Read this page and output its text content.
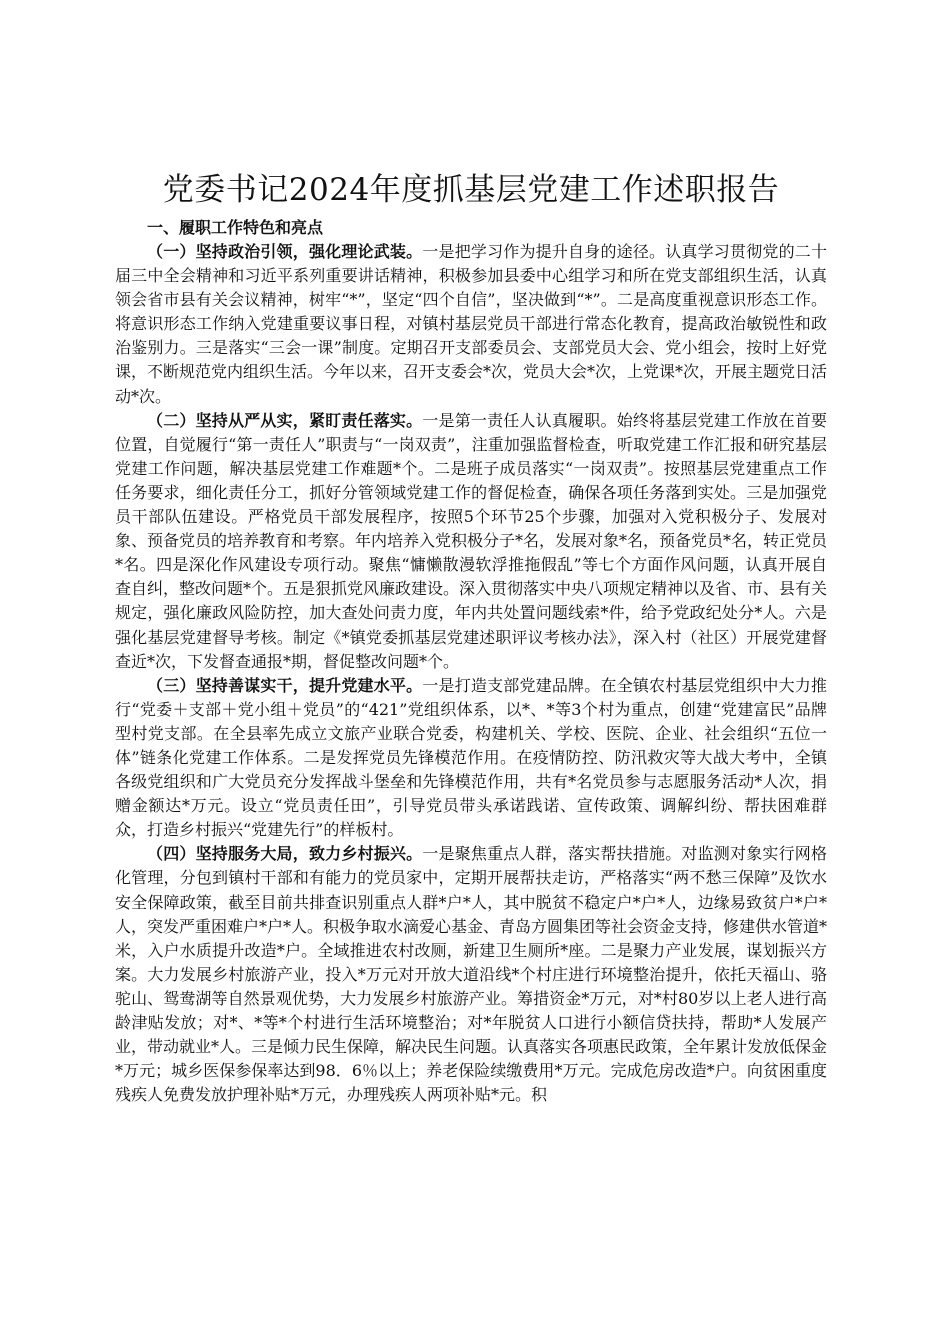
党委书记2024年度抓基层党建工作述职报告
一、履职工作特色和亮点

（一）坚持政治引领，强化理论武装。一是把学习作为提升自身的途径。认真学习贯彻党的二十届三中全会精神和习近平系列重要讲话精神，积极参加县委中心组学习和所在党支部组织生活，认真领会省市县有关会议精神，树牢“*”，坚定“四个自信”，坚决做到“*”。二是高度重视意识形态工作。将意识形态工作纳入党建重要议事日程，对镇村基层党员干部进行常态化教育，提高政治敏锐性和政治鉴别力。三是落实“三会一课”制度。定期召开支部委员会、支部党员大会、党小组会，按时上好党课，不断规范党内组织生活。今年以来，召开支委会*次，党员大会*次，上党课*次，开展主题党日活动*次。

（二）坚持从严从实，紧盯责任落实。一是第一责任人认真履职。始终将基层党建工作放在首要位置，自觉履行“第一责任人”职责与“一岗双责”，注重加强监督检查，听取党建工作汇报和研究基层党建工作问题，解决基层党建工作难题*个。二是班子成员落实“一岗双责”。按照基层党建重点工作任务要求，细化责任分工，抓好分管领域党建工作的督促检查，确保各项任务落到实处。三是加强党员干部队伍建设。严格党员干部发展程序，按照5个环节25个步骤，加强对入党积极分子、发展对象、预备党员的培养教育和考察。年内培养入党积极分子*名，发展对象*名，预备党员*名，转正党员*名。四是深化作风建设专项行动。聚焦“慵懒散漫软浮推拖假乱”等七个方面作风问题，认真开展自查自纠，整改问题*个。五是狠抓党风廉政建设。深入贯彻落实中央八项规定精神以及省、市、县有关规定，强化廉政风险防控，加大查处问责力度，年内共处置问题线索*件，给予党政纪处分*人。六是强化基层党建督导考核。制定《*镇党委抓基层党建述职评议考核办法》，深入村（社区）开展党建督查近*次，下发督查通报*期，督促整改问题*个。

（三）坚持善谋实干，提升党建水平。一是打造支部党建品牌。在全镇农村基层党组织中大力推行“党委＋支部＋党小组＋党员”的“421”党组织体系，以*、*等3个村为重点，创建“党建富民”品牌型村党支部。在全县率先成立文旅产业联合党委，构建机关、学校、医院、企业、社会组织“五位一体”链条化党建工作体系。二是发挥党员先锋模范作用。在疫情防控、防汛救灾等大战大考中，全镇各级党组织和广大党员充分发挥战斗堡垒和先锋模范作用，共有*名党员参与志愿服务活动*人次，捐赠金额达*万元。设立“党员责任田”，引导党员带头承诺践诺、宣传政策、调解纠纷、帮扶困难群众，打造乡村振兴“党建先行”的样板村。

（四）坚持服务大局，致力乡村振兴。一是聚焦重点人群，落实帮扶措施。对监测对象实行网格化管理，分包到镇村干部和有能力的党员家中，定期开展帮扶走访，严格落实“两不愁三保障”及饮水安全保障政策，截至目前共排查识别重点人群*户*人，其中脱贫不稳定户*户*人，边缘易致贫户*户*人，突发严重困难户*户*人。积极争取水滴爱心基金、青岛方圆集团等社会资金支持，修建供水管道*米，入户水质提升改造*户。全域推进农村改厕，新建卫生厕所*座。二是聚力产业发展，谋划振兴方案。大力发展乡村旅游产业，投入*万元对开放大道沿线*个村庄进行环境整治提升，依托天福山、骆驼山、鸳鸯湖等自然景观优势，大力发展乡村旅游产业。筹措资金*万元，对*村80岁以上老人进行高龄津贴发放；对*、*等*个村进行生活环境整治；对*年脱贫人口进行小额信贷扶持，帮助*人发展产业，带动就业*人。三是倾力民生保障，解决民生问题。认真落实各项惠民政策，全年累计发放低保金*万元；城乡医保参保率达到98．6％以上；养老保险续缴费用*万元。完成危房改造*户。向贫困重度残疾人免费发放护理补贴*万元，办理残疾人两项补贴*元。积
